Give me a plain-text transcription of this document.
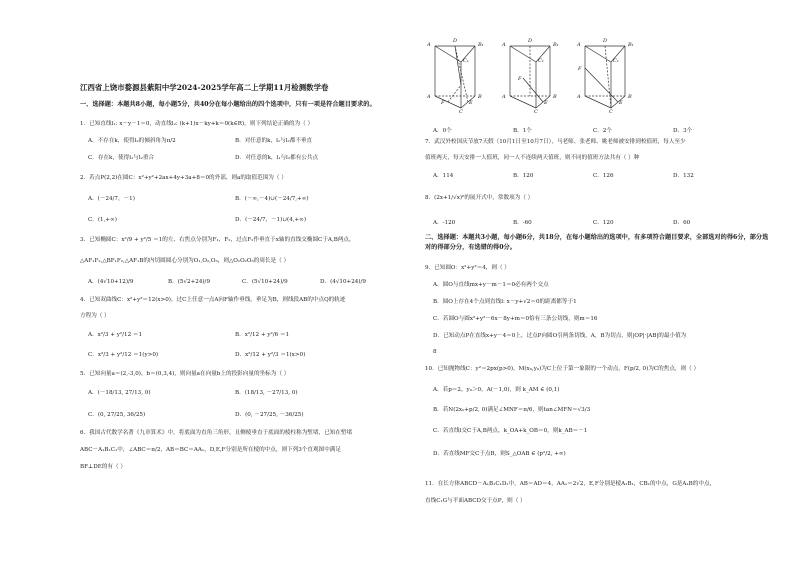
江西省上饶市婺源县紫阳中学2024-2025学年高二上学期11月检测数学卷
一、选择题：本题共8小题，每小题5分，共40分在每小题给出的四个选项中，只有一项是符合题目要求的。
1．已知直线l₁: x－y－1＝0，动直线l₂: (k+1)x－ky+k＝0(k∈R)，则下列结论正确的为（ ）
A．不存在k，使得l₂的倾斜角为π/2	B．对任意的k，l₁与l₂都不垂直
C．存在k，使得l₁与l₂重合	D．对任意的k，l₁与l₂都有公共点
2．若点P(2,2)在圆C：x²+y²+2ax+4y+3a+8＝0的外部，则a的取值范围为（ ）
A．(－24/7，－1)	B．(－∞,－4)∪(－24/7,+∞)
C．(1,+∞)	D．(－24/7，－1)∪(4,+∞)
3．已知椭圆C：x²/9 + y²/5 ＝1的左、右焦点分别为F₁，F₂，过点F₂作垂直于x轴的直线交椭圆C于A,B两点，
△AF₁F₂,△BF₁F₂,△AF₁B的内切圆圆心分别为O₁,O₂,O₃，则△O₁O₂O₃的周长是（ ）
A．(4√10+12)/9	B．(5√2+24)/9	C．(5√10+24)/9	D．(4√10+24)/9
4．已知双曲线C：x²+y²＝12(x>0)，过C上任意一点A向F轴作垂线，垂足为B，则线段AB的中点Q的轨迹
方程为（ ）
A．x²/3 + y²/12 ＝1	B．x²/12 + y²/6 ＝1
C．x²/3 + y²/12 ＝1(y>0)	D．x²/12 + y²/3 ＝1(x>0)
5．已知向量a＝(2,-3,0)，b＝(0,3,4)，则向量a在向量b上的投影向量的坐标为（ ）
A．(－18/13, 27/13, 0)	B．(18/13, －27/13, 0)
C．(0, 27/25, 36/25)	D．(0, －27/25, －36/25)
6．我国古代数学名著《九章算术》中，将底面为直角三角形，且侧棱垂直于底面的棱柱称为堑堵，已知在堑堵
ABC－A₁B₁C₁中，∠ABC＝π/2，AB＝BC＝AA₁，D,E,F分别是所在棱的中点，则下列3个直观图中满足
BF⊥DE的有（ ）
A
D
B₁
C₁
A
F	E
B
C
A
D
B₁
C₁
F
A
E
B
C
A
D
B₁
F
C₁
A
E
B
C
A．0个	B．1个	C．2个	D．3个
7．武汉外校国庆节放7天假（10月1日至10月7日），马老师、张老师、姚老师被安排到校值班，每人至少
值班两天，每天安排一人值班，同一人不连续两天值班，则不同的值班方法共有（ ）种
A．114	B．120	C．126	D．132
8．(2x+1/√x)⁶的展开式中，常数项为（ ）
A．-120	B．-60	C．120	D．60
二、选择题：本题共3小题，每小题6分，共18分，在每小题给出的选项中，有多项符合题目要求，全部选对的得6分，部分选对的得部分分，有选错的得0分。
9．已知圆O：x²+y²＝4，则（ ）
A．圆O与直线mx+y－m－1＝0必有两个交点
B．圆O上存在4个点到直线l: x－y+√2＝0的距离都等于1
C．若圆O与圆x²+y²－6x－8y+m＝0恰有三条公切线，则m＝16
D．已知动点P在直线x+y－4＝0上，过点P向圆O引两条切线，A，B为切点，则|OP|·|AB|的最小值为
8
10．已知抛物线C：y²＝2px(p>0)，M(x₀,y₀)为C上位于第一象限的一个动点，F(p/2, 0)为C的焦点，则（ ）
A．若p＝2，y₀＞0，A(－1,0)，则 k_AM ∈ (0,1)
B．若N(2x₀+p/2, 0)满足∠MNF＝π/6，则tan∠MFN＝√3/3
C．若直线l交C于A,B两点，k_OA+k_OB＝0，则k_AB＝－1
D．若直线MF交C于点B，则S_△OAB ∈ (p²/2, +∞)
11．在长方体ABCD－A₁B₁C₁D₁中，AB＝AD＝4，AA₁＝2√2，E,F分别是棱A₁B₁，CB₁的中点，G是A₁B的中点，
直线C₁G与平面ABCD交于点P，则（ ）
